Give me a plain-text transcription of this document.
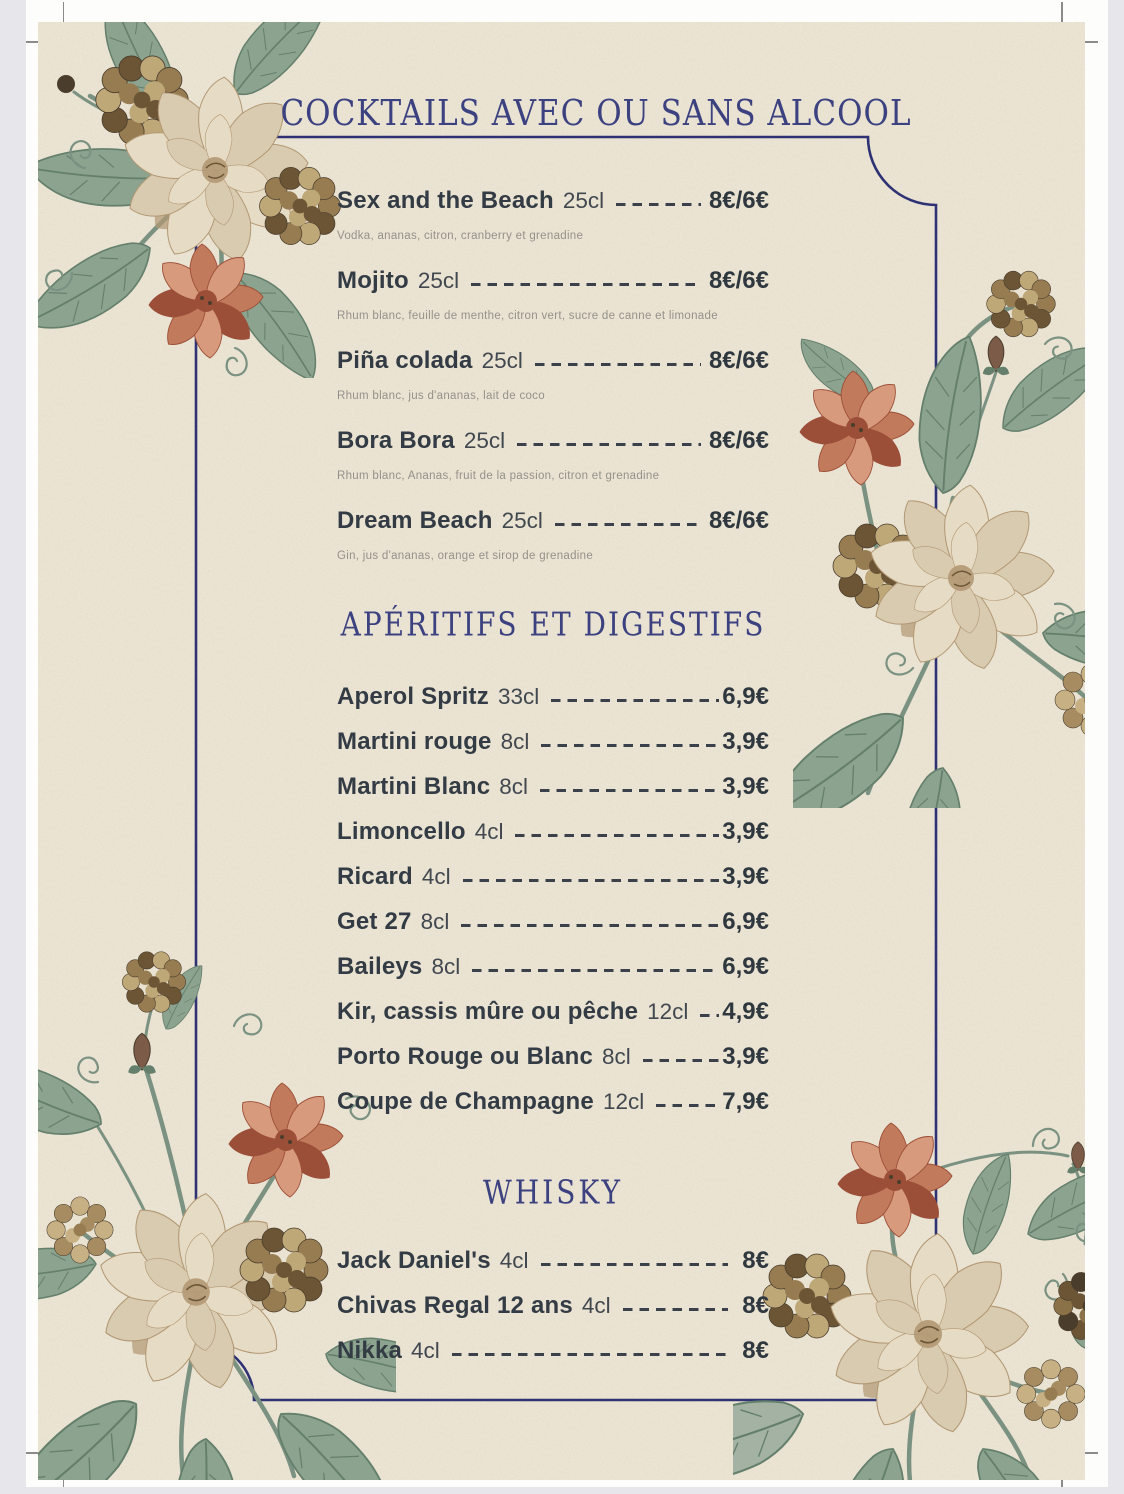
COCKTAILS AVEC OU SANS ALCOOL
APÉRITIFS ET DIGESTIFS
WHISKY
Sex and the Beach 25cl	8€/6€
Vodka, ananas, citron, cranberry et grenadine
Mojito 25cl	8€/6€
Rhum blanc, feuille de menthe, citron vert, sucre de canne et limonade
Piña colada 25cl	8€/6€
Rhum blanc, jus d'ananas, lait de coco
Bora Bora 25cl	8€/6€
Rhum blanc, Ananas, fruit de la passion, citron et grenadine
Dream Beach 25cl	8€/6€
Gin, jus d'ananas, orange et sirop de grenadine
Aperol Spritz 33cl	6,9€
Martini rouge 8cl	3,9€
Martini Blanc 8cl	3,9€
Limoncello 4cl	3,9€
Ricard 4cl	3,9€
Get 27 8cl	6,9€
Baileys 8cl	6,9€
Kir, cassis mûre ou pêche 12cl 4,9€
Porto Rouge ou Blanc 8cl	3,9€
Coupe de Champagne 12cl	7,9€
Jack Daniel's 4cl	8€
Chivas Regal 12 ans 4cl	8€
Nikka 4cl	8€
